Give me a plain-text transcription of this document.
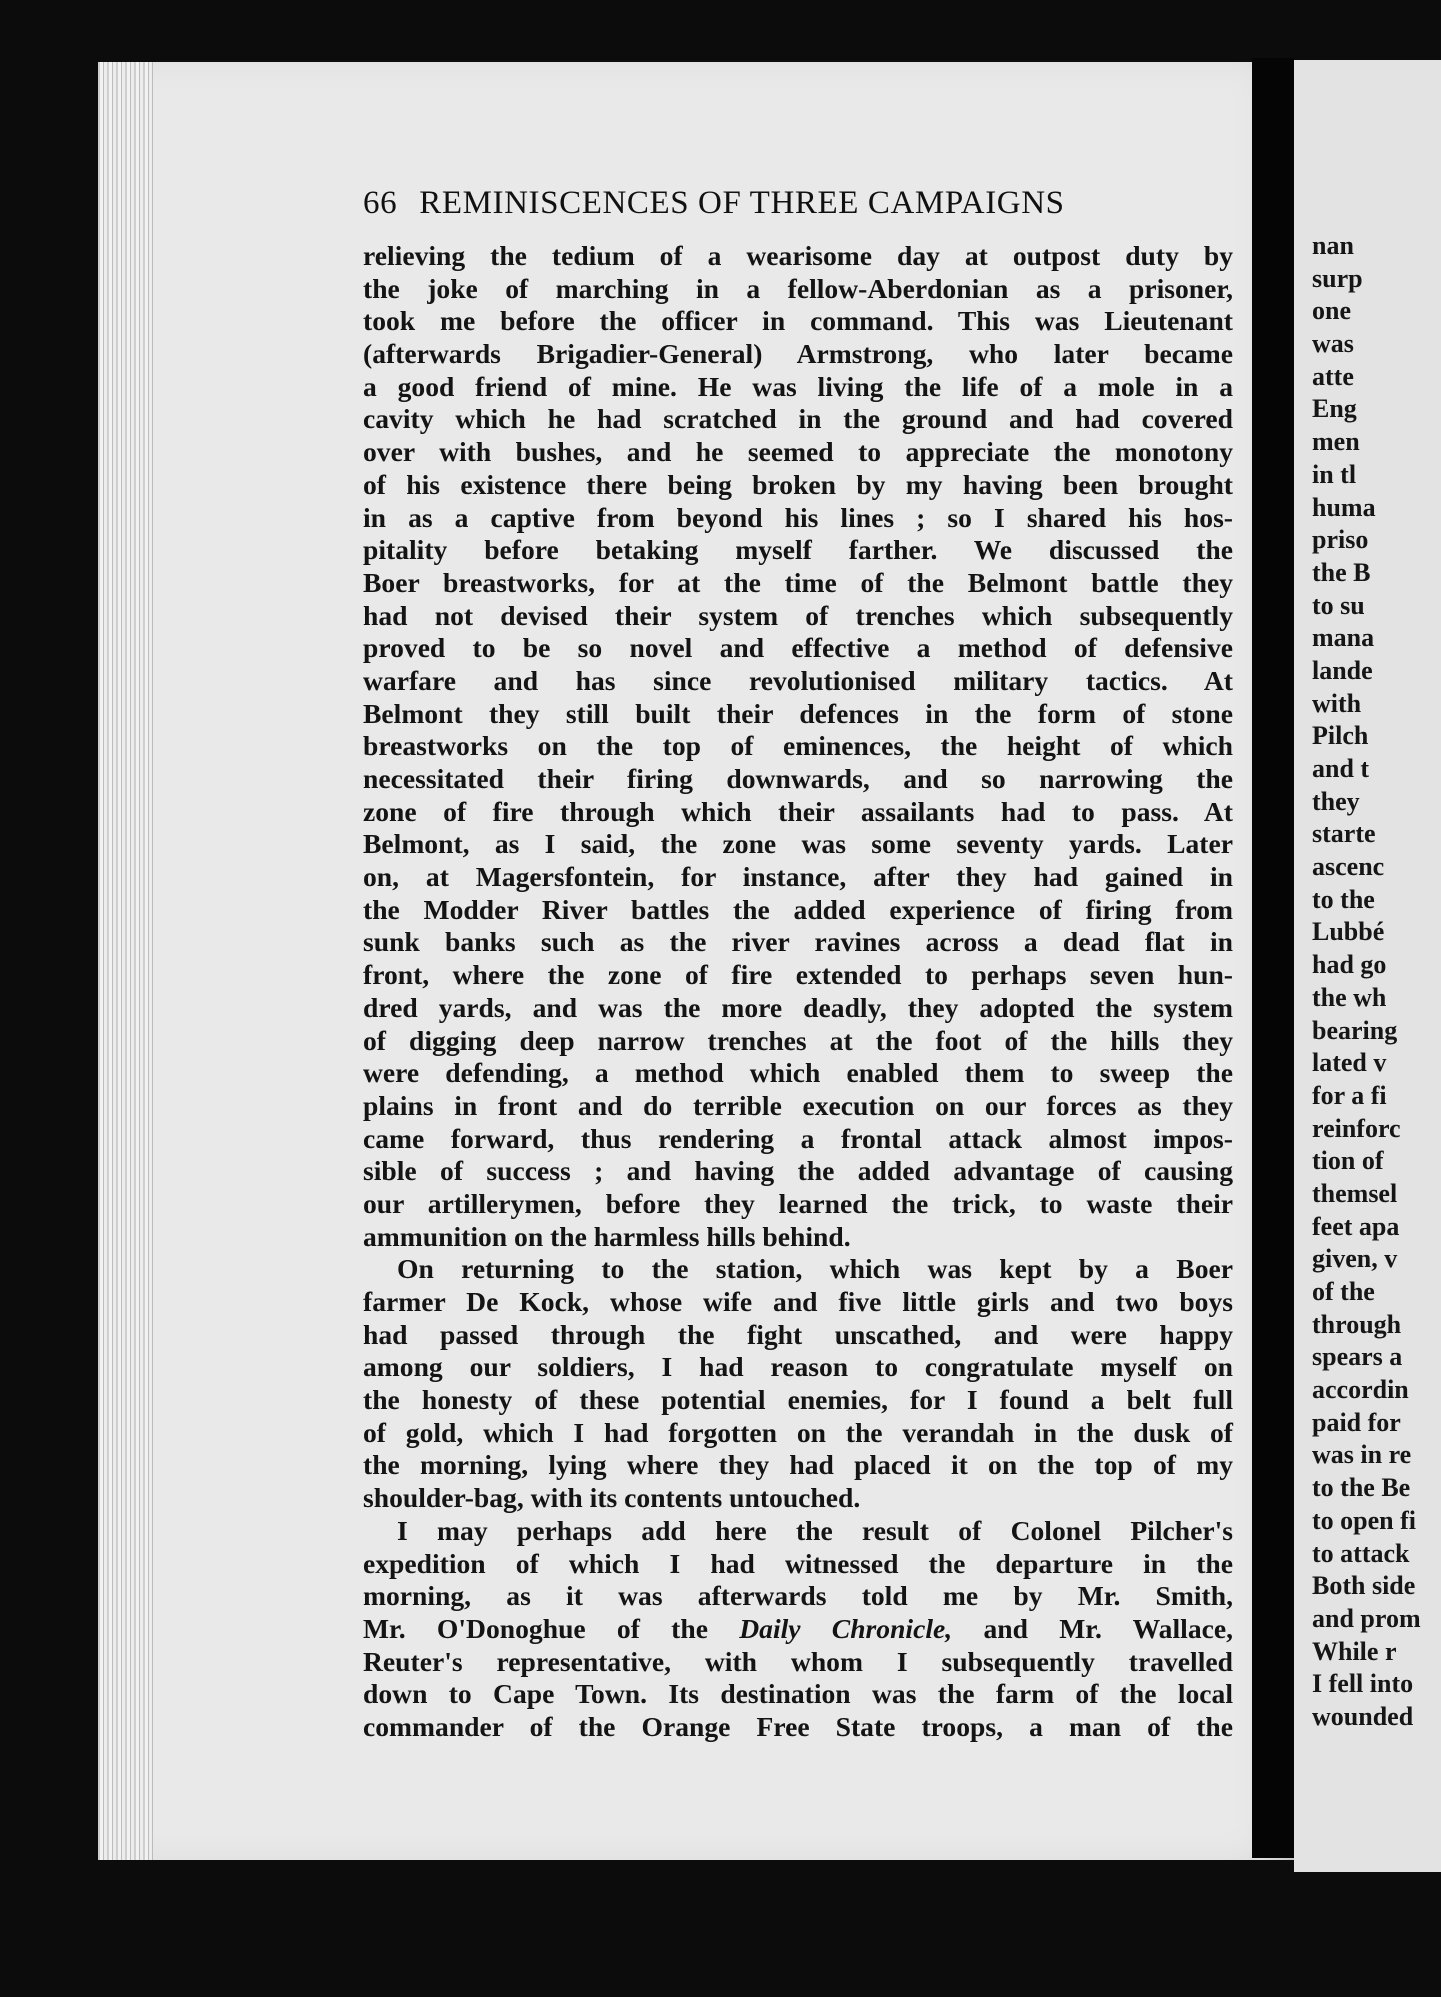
66 REMINISCENCES OF THREE CAMPAIGNS
relieving the tedium of a wearisome day at outpost duty by
the joke of marching in a fellow-Aberdonian as a prisoner,
took me before the officer in command. This was Lieutenant
(afterwards Brigadier-General) Armstrong, who later became
a good friend of mine. He was living the life of a mole in a
cavity which he had scratched in the ground and had covered
over with bushes, and he seemed to appreciate the monotony
of his existence there being broken by my having been brought
in as a captive from beyond his lines ; so I shared his hos-
pitality before betaking myself farther. We discussed the
Boer breastworks, for at the time of the Belmont battle they
had not devised their system of trenches which subsequently
proved to be so novel and effective a method of defensive
warfare and has since revolutionised military tactics. At
Belmont they still built their defences in the form of stone
breastworks on the top of eminences, the height of which
necessitated their firing downwards, and so narrowing the
zone of fire through which their assailants had to pass. At
Belmont, as I said, the zone was some seventy yards. Later
on, at Magersfontein, for instance, after they had gained in
the Modder River battles the added experience of firing from
sunk banks such as the river ravines across a dead flat in
front, where the zone of fire extended to perhaps seven hun-
dred yards, and was the more deadly, they adopted the system
of digging deep narrow trenches at the foot of the hills they
were defending, a method which enabled them to sweep the
plains in front and do terrible execution on our forces as they
came forward, thus rendering a frontal attack almost impos-
sible of success ; and having the added advantage of causing
our artillerymen, before they learned the trick, to waste their
ammunition on the harmless hills behind.
On returning to the station, which was kept by a Boer
farmer De Kock, whose wife and five little girls and two boys
had passed through the fight unscathed, and were happy
among our soldiers, I had reason to congratulate myself on
the honesty of these potential enemies, for I found a belt full
of gold, which I had forgotten on the verandah in the dusk of
the morning, lying where they had placed it on the top of my
shoulder-bag, with its contents untouched.
I may perhaps add here the result of Colonel Pilcher's
expedition of which I had witnessed the departure in the
morning, as it was afterwards told me by Mr. Smith,
Mr. O'Donoghue of the Daily Chronicle, and Mr. Wallace,
Reuter's representative, with whom I subsequently travelled
down to Cape Town. Its destination was the farm of the local
commander of the Orange Free State troops, a man of the
nan
surp
one
was
atte
Eng
men
in tl
huma
priso
the B
to su
mana
lande
with
Pilch
and t
they
starte
ascenc
to the
Lubbé
had go
the wh
bearing
lated v
for a fi
reinforc
tion of
themsel
feet apa
given, v
of the
through
spears a
accordin
paid for
was in re
to the Be
to open fi
to attack
Both side
and prom
While r
I fell into
wounded
